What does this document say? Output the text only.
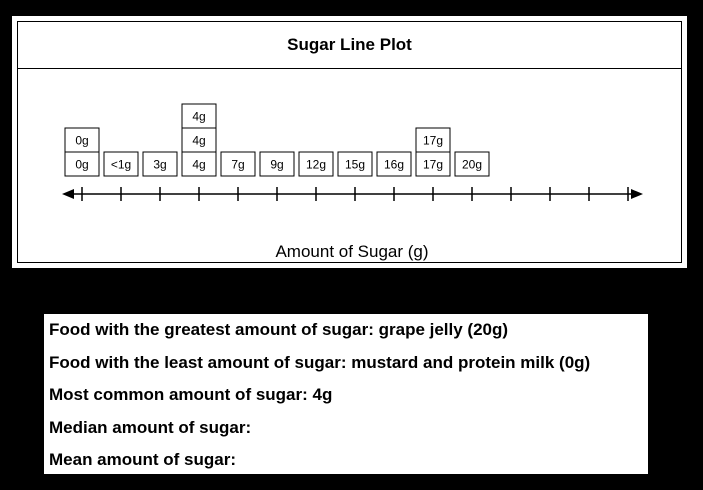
Sugar Line Plot
0g
0g
<1g 3g 4g
4g
4g
7g 9g 12g 15g 16g 17g
17g
20g
Amount of Sugar (g)
Food with the greatest amount of sugar: grape jelly (20g)
Food with the least amount of sugar: mustard and protein milk (0g)
Most common amount of sugar: 4g
Median amount of sugar:
Mean amount of sugar:
